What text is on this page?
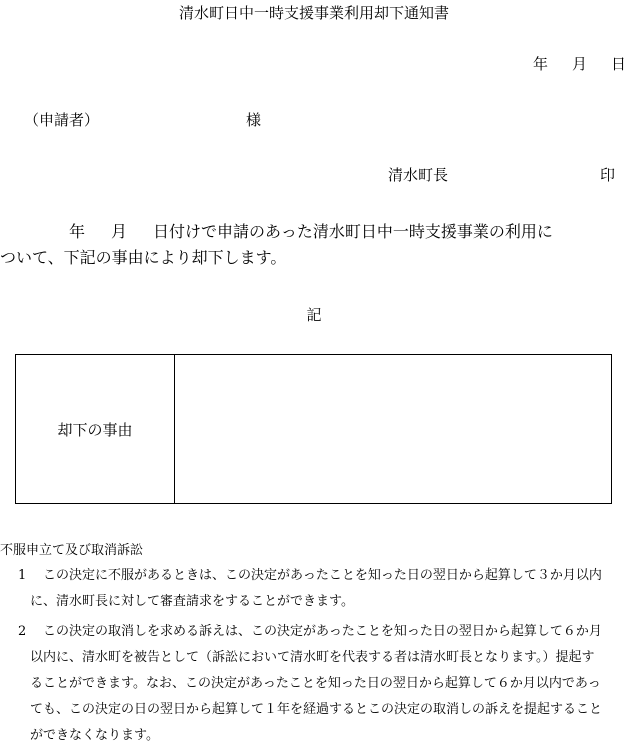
清水町日中一時支援事業利用却下通知書
年 月 日
（申請者）	様
清水町長	印
年 月 日付けで申請のあった清水町日中一時支援事業の利用に
ついて、下記の事由により却下します。
記
却下の事由
不服申立て及び取消訴訟
1 この決定に不服があるときは、この決定があったことを知った日の翌日から起算して３か月以内
に、清水町長に対して審査請求をすることができます。
2 この決定の取消しを求める訴えは、この決定があったことを知った日の翌日から起算して６か月
以内に、清水町を被告として（訴訟において清水町を代表する者は清水町長となります。）提起す
ることができます。なお、この決定があったことを知った日の翌日から起算して６か月以内であっ
ても、この決定の日の翌日から起算して１年を経過するとこの決定の取消しの訴えを提起すること
ができなくなります。
